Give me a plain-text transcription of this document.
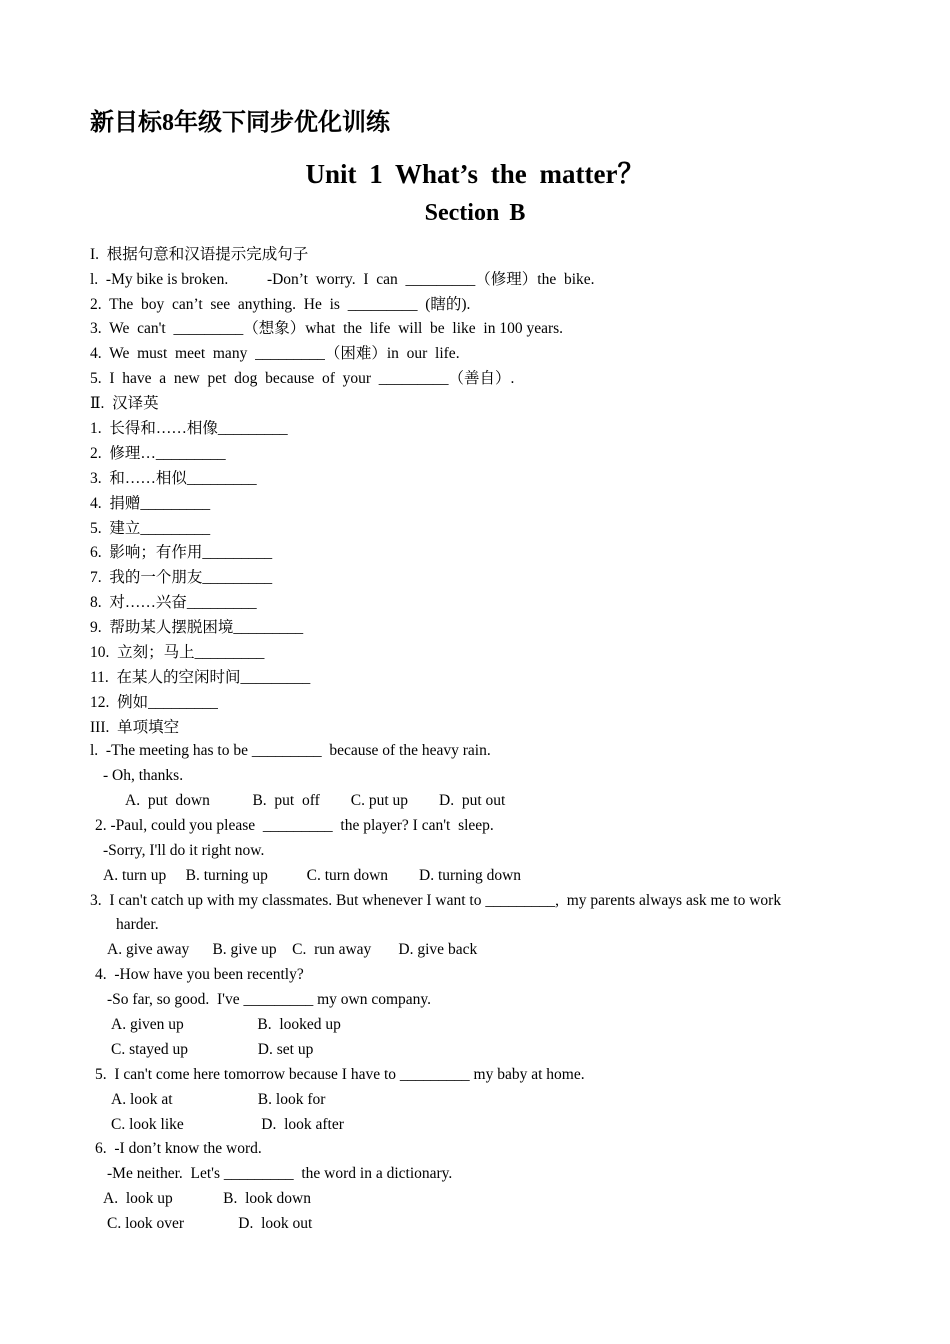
新目标8年级下同步优化训练
Unit 1 What’s the matter？
Section B
I.  根据句意和汉语提示完成句子
l.  -My bike is broken.          -Don’t  worry.  I  can  _________（修理）the  bike.
2.  The  boy  can’t  see  anything.  He  is  _________  (瞎的).
3.  We  can't  _________（想象）what  the  life  will  be  like  in 100 years.
4.  We  must  meet  many  _________（困难）in  our  life.
5.  I  have  a  new  pet  dog  because  of  your  _________（善自）.
Ⅱ.  汉译英
1.  长得和……相像_________
2.  修理…_________
3.  和……相似_________
4.  捐赠_________
5.  建立_________
6.  影响；有作用_________
7.  我的一个朋友_________
8.  对……兴奋_________
9.  帮助某人摆脱困境_________
10.  立刻；马上_________
11.  在某人的空闲时间_________
12.  例如_________
III.  单项填空
l.  -The meeting has to be _________  because of the heavy rain.
- Oh, thanks.
A.  put  down           B.  put  off        C. put up        D.  put out
2. -Paul, could you please  _________  the player? I can't  sleep.
-Sorry, I'll do it right now.
A. turn up     B. turning up          C. turn down        D. turning down
3.  I can't catch up with my classmates. But whenever I want to _________,  my parents always ask me to work
harder.
A. give away      B. give up    C.  run away       D. give back
4.  -How have you been recently?
-So far, so good.  I've _________ my own company.
A. given up                   B.  looked up
C. stayed up                  D. set up
5.  I can't come here tomorrow because I have to _________ my baby at home.
A. look at                      B. look for
C. look like                    D.  look after
6.  -I don’t know the word.
-Me neither.  Let's _________  the word in a dictionary.
A.  look up             B.  look down
C. look over              D.  look out
